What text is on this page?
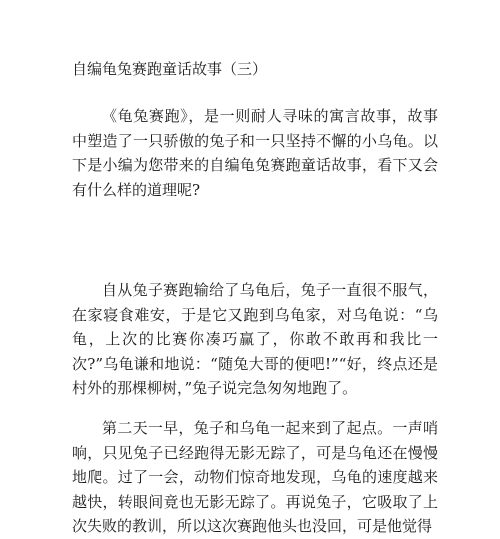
自编龟兔赛跑童话故事（三）

《龟兔赛跑》，是一则耐人寻味的寓言故事，故事中塑造了一只骄傲的兔子和一只坚持不懈的小乌龟。以下是小编为您带来的自编龟兔赛跑童话故事，看下又会有什么样的道理呢?

自从兔子赛跑输给了乌龟后，兔子一直很不服气，在家寝食难安，于是它又跑到乌龟家，对乌龟说：“乌龟，上次的比赛你凑巧赢了，你敢不敢再和我比一次?”乌龟谦和地说：“随兔大哥的便吧!”“好，终点还是村外的那棵柳树，”兔子说完急匆匆地跑了。

第二天一早，兔子和乌龟一起来到了起点。一声哨响，只见兔子已经跑得无影无踪了，可是乌龟还在慢慢地爬。过了一会，动物们惊奇地发现，乌龟的速度越来越快，转眼间竟也无影无踪了。再说兔子，它吸取了上次失败的教训，所以这次赛跑他头也没回，可是他觉得
